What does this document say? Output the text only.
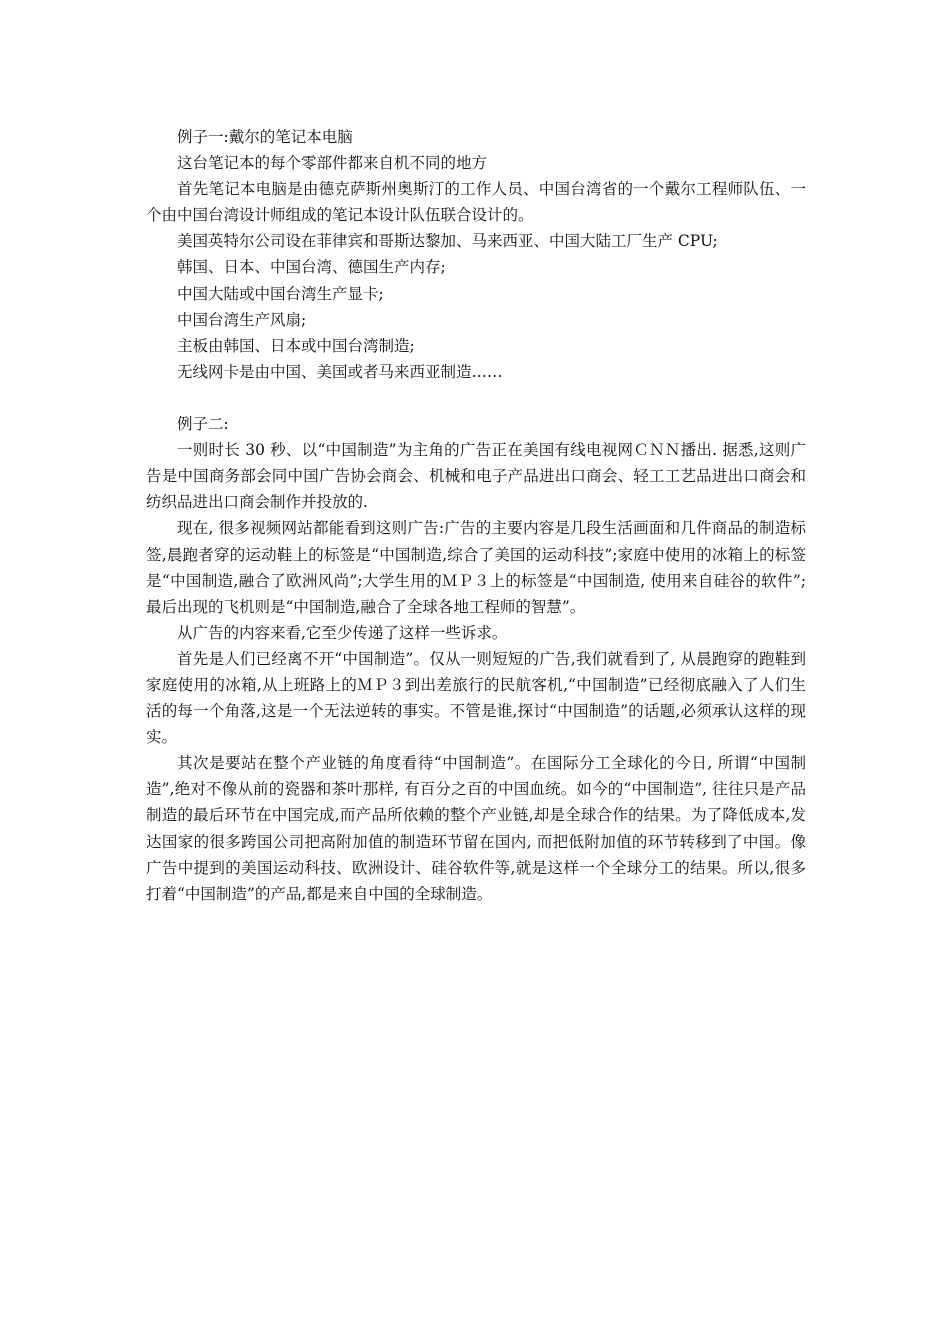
例子一:戴尔的笔记本电脑

这台笔记本的每个零部件都来自机不同的地方

首先笔记本电脑是由德克萨斯州奥斯汀的工作人员、中国台湾省的一个戴尔工程师队伍、一个由中国台湾设计师组成的笔记本设计队伍联合设计的。

美国英特尔公司设在菲律宾和哥斯达黎加、马来西亚、中国大陆工厂生产 CPU;

韩国、日本、中国台湾、德国生产内存;

中国大陆或中国台湾生产显卡;

中国台湾生产风扇;

主板由韩国、日本或中国台湾制造;

无线网卡是由中国、美国或者马来西亚制造……

例子二:

一则时长 30 秒、以“中国制造”为主角的广告正在美国有线电视网ＣＮＮ播出. 据悉,这则广告是中国商务部会同中国广告协会商会、机械和电子产品进出口商会、轻工工艺品进出口商会和纺织品进出口商会制作并投放的.

现在, 很多视频网站都能看到这则广告:广告的主要内容是几段生活画面和几件商品的制造标签,晨跑者穿的运动鞋上的标签是“中国制造,综合了美国的运动科技”;家庭中使用的冰箱上的标签是“中国制造,融合了欧洲风尚”;大学生用的ＭＰ３上的标签是“中国制造, 使用来自硅谷的软件”;最后出现的飞机则是“中国制造,融合了全球各地工程师的智慧”。

从广告的内容来看,它至少传递了这样一些诉求。

首先是人们已经离不开“中国制造”。仅从一则短短的广告,我们就看到了, 从晨跑穿的跑鞋到家庭使用的冰箱,从上班路上的ＭＰ３到出差旅行的民航客机,“中国制造”已经彻底融入了人们生活的每一个角落,这是一个无法逆转的事实。不管是谁,探讨“中国制造”的话题,必须承认这样的现实。

其次是要站在整个产业链的角度看待“中国制造”。在国际分工全球化的今日, 所谓“中国制造”,绝对不像从前的瓷器和茶叶那样, 有百分之百的中国血统。如今的“中国制造”, 往往只是产品制造的最后环节在中国完成,而产品所依赖的整个产业链,却是全球合作的结果。为了降低成本,发达国家的很多跨国公司把高附加值的制造环节留在国内, 而把低附加值的环节转移到了中国。像广告中提到的美国运动科技、欧洲设计、硅谷软件等,就是这样一个全球分工的结果。所以,很多打着“中国制造”的产品,都是来自中国的全球制造。
